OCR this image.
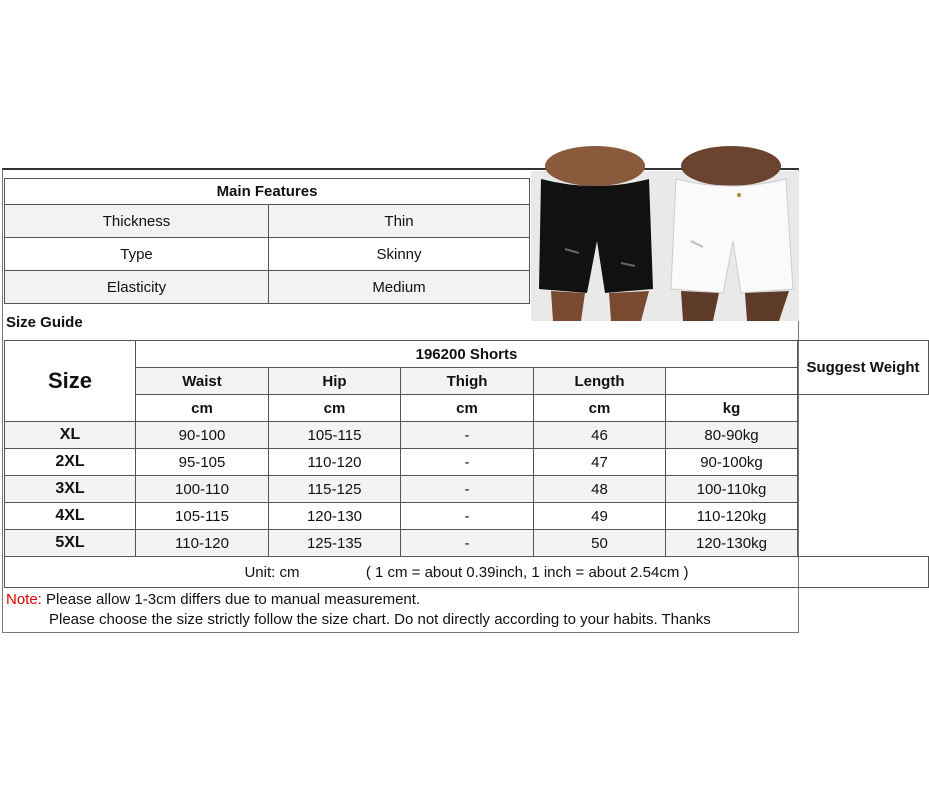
Main Features	
Thickness	Thin
Type	Skinny
Elasticity	Medium
Size Guide
Size	196200 Shorts					Suggest Weight
	Waist	Hip	Thigh	Length		
	cm	cm	cm	cm	kg	
XL	90-100	105-115	-	46	80-90kg	
2XL	95-105	110-120	-	47	90-100kg	
3XL	100-110	115-125	-	48	100-110kg	
4XL	105-115	120-130	-	49	110-120kg	
5XL	110-120	125-135	-	50	120-130kg	
Unit: cm ( 1 cm = about 0.39inch, 1 inch = about 2.54cm )						
Note: Please allow 1-3cm differs due to manual measurement.
Please choose the size strictly follow the size chart. Do not directly according to your habits. Thanks
